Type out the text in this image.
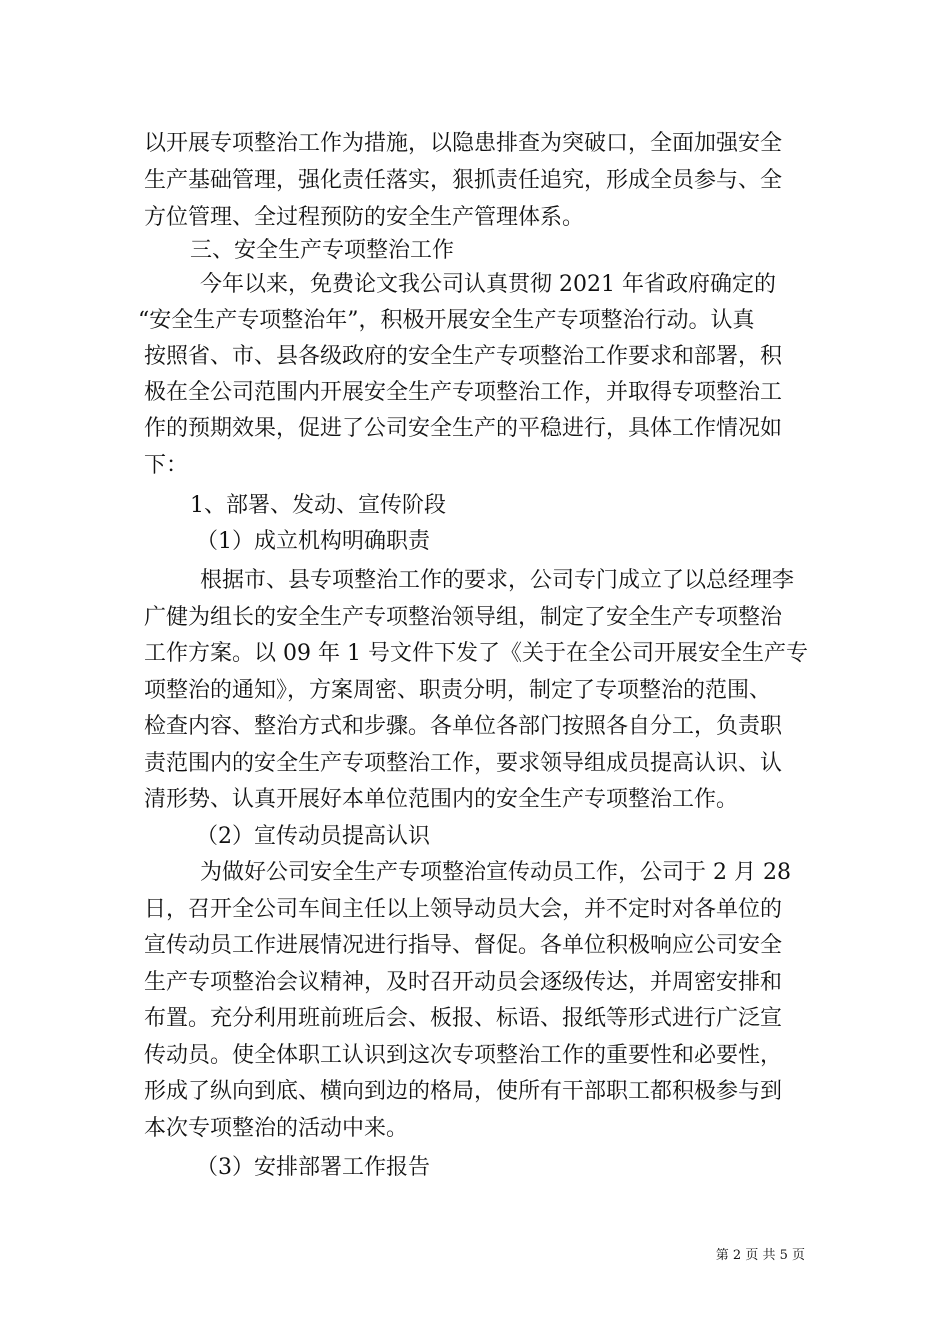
以开展专项整治工作为措施，以隐患排查为突破口，全面加强安全
生产基础管理，强化责任落实，狠抓责任追究，形成全员参与、全
方位管理、全过程预防的安全生产管理体系。
三、安全生产专项整治工作
今年以来，免费论文我公司认真贯彻 2021 年省政府确定的
“安全生产专项整治年”，积极开展安全生产专项整治行动。认真
按照省、市、县各级政府的安全生产专项整治工作要求和部署，积
极在全公司范围内开展安全生产专项整治工作，并取得专项整治工
作的预期效果，促进了公司安全生产的平稳进行，具体工作情况如
下：
1、部署、发动、宣传阶段
（1）成立机构明确职责
根据市、县专项整治工作的要求，公司专门成立了以总经理李
广健为组长的安全生产专项整治领导组，制定了安全生产专项整治
工作方案。以 09 年 1 号文件下发了《关于在全公司开展安全生产专
项整治的通知》，方案周密、职责分明，制定了专项整治的范围、
检查内容、整治方式和步骤。各单位各部门按照各自分工，负责职
责范围内的安全生产专项整治工作，要求领导组成员提高认识、认
清形势、认真开展好本单位范围内的安全生产专项整治工作。
（2）宣传动员提高认识
为做好公司安全生产专项整治宣传动员工作，公司于 2 月 28
日，召开全公司车间主任以上领导动员大会，并不定时对各单位的
宣传动员工作进展情况进行指导、督促。各单位积极响应公司安全
生产专项整治会议精神，及时召开动员会逐级传达，并周密安排和
布置。充分利用班前班后会、板报、标语、报纸等形式进行广泛宣
传动员。使全体职工认识到这次专项整治工作的重要性和必要性，
形成了纵向到底、横向到边的格局，使所有干部职工都积极参与到
本次专项整治的活动中来。
（3）安排部署工作报告
第 2 页 共 5 页
